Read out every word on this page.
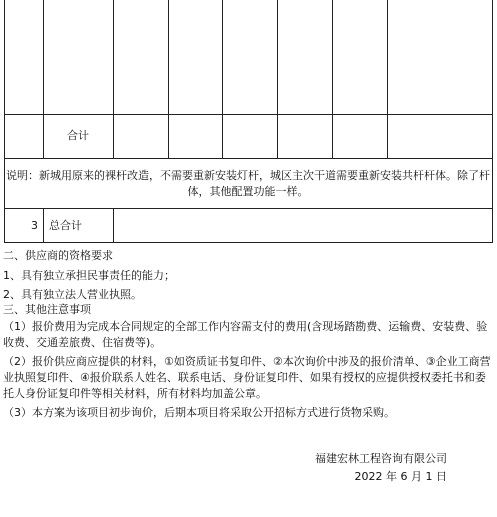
合计
说明：新城用原来的裸杆改造，不需要重新安装灯杆，城区主次干道需要重新安装共杆杆体。除了杆体，其他配置功能一样。
3 总合计

二、供应商的资格要求

1、具有独立承担民事责任的能力；

2、具有独立法人营业执照。

三、其他注意事项

（1）报价费用为完成本合同规定的全部工作内容需支付的费用(含现场踏勘费、运输费、安装费、验收费、交通差旅费、住宿费等)。

（2）报价供应商应提供的材料，①如资质证书复印件、②本次询价中涉及的报价清单、③企业工商营业执照复印件、④报价联系人姓名、联系电话、身份证复印件、如果有授权的应提供授权委托书和委托人身份证复印件等相关材料，所有材料均加盖公章。

（3）本方案为该项目初步询价，后期本项目将采取公开招标方式进行货物采购。

福建宏林工程咨询有限公司
2022 年 6 月 1 日
